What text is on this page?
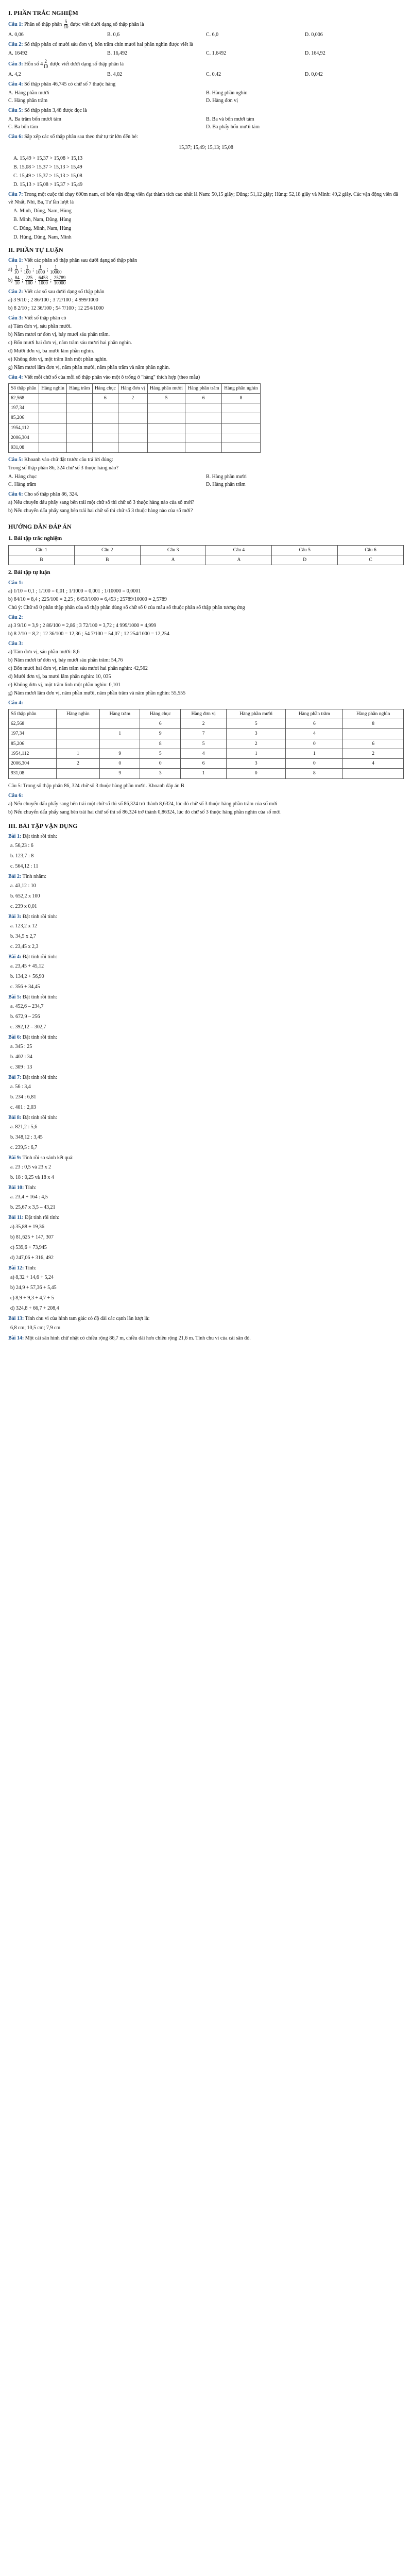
I. PHẦN TRẮC NGHIỆM

Câu 1: Phân số thập phân $\frac{5}{10}$ được viết dưới dạng số thập phân là

A. 0,06	B. 0,6	C. 6,0	D. 0,006

Câu 2: Số thập phân có mười sáu đơn vị, bốn trăm chín mươi hai phần nghìn được viết là

A. 16492	B. 16,492	C. 1,6492	D. 164,92

Câu 3: Hỗn số $4 \frac{2}{10}$ được viết dưới dạng số thập phân là

A. 4,2	B. 4,02	C. 0,42	D. 0,042

Câu 4: Số thập phân 46,745 có chữ số 7 thuộc hàng

A. Hàng phần mười	B. Hàng phần nghìn
C. Hàng phần trăm	D. Hàng đơn vị

Câu 5: Số thập phân 3,48 được đọc là

A. Ba trăm bốn mươi tám	B. Ba và bốn mươi tám
C. Ba bốn tám	D. Ba phẩy bốn mươi tám

Câu 6: Sắp xếp các số thập phân sau theo thứ tự từ lớn đến bé:

15,37; 15,49; 15,13; 15,08

A. 15,49 > 15,37 > 15,08 > 15,13

B. 15,08 > 15,37 > 15,13 > 15,49

C. 15,49 > 15,37 > 15,13 > 15,08

D. 15,13 > 15,08 > 15,37 > 15,49

Câu 7: Trong một cuộc thi chạy 600m nam, có bốn vận động viên đạt thành tích cao nhất là Nam: 50,15 giây; Dũng: 51,12 giây; Hùng: 52,18 giây và Minh: 49,2 giây. Các vận động viên đã về Nhất, Nhì, Ba, Tư lần lượt là

A. Minh, Dũng, Nam, Hùng

B. Minh, Nam, Dũng, Hùng

C. Dũng, Minh, Nam, Hùng

D. Hùng, Dũng, Nam, Minh

II. PHẦN TỰ LUẬN

Câu 1: Viết các phân số thập phân sau dưới dạng số thập phân

$a) \frac{1}{10}$ ; $\frac{1}{100}$ ; $\frac{1}{1000}$ ; $\frac{1}{10000}$

$b) \frac{84}{10}$ ; $\frac{225}{100}$ ; $\frac{6453}{1000}$ ; $\frac{25789}{10000}$

Câu 2: Viết các số sau dưới dạng số thập phân

a) 3 9/10 ; 2 86/100 ; 3 72/100 ; 4 999/1000

b) 8 2/10 ; 12 36/100 ; 54 7/100 ; 12 254/1000

Câu 3: Viết số thập phân có

a) Tám đơn vị, sáu phần mười.

b) Năm mươi tư đơn vị, bảy mươi sáu phần trăm.

c) Bốn mươi hai đơn vị, năm trăm sáu mươi hai phần nghìn.

d) Mười đơn vị, ba mươi lăm phần nghìn.

e) Không đơn vị, một trăm linh một phần nghìn.

g) Năm mươi lăm đơn vị, năm phần mười, năm phần trăm và năm phần nghìn.

Câu 4: Viết mỗi chữ số của mỗi số thập phân vào một ô trống ở "hàng" thích hợp (theo mẫu)

Số thập phân	Hàng nghìn	Hàng trăm	Hàng chục	Hàng đơn vị	Hàng phần mười	Hàng phần trăm	Hàng phần nghìn
62,568			6	2	5	6	8
197,34							
85,206							
1954,112							
2006,304							
931,08							

Câu 5: Khoanh vào chữ đặt trước câu trả lời đúng:

Trong số thập phân 86, 324 chữ số 3 thuộc hàng nào?

A. Hàng chục	B. Hàng phần mười
C. Hàng trăm	D. Hàng phần trăm

Câu 6: Cho số thập phân 86, 324.

a) Nếu chuyển dấu phẩy sang bên trái một chữ số thì chữ số 3 thuộc hàng nào của số mới?

b) Nếu chuyển dấu phẩy sang bên trái hai chữ số thì chữ số 3 thuộc hàng nào của số mới?

HƯỚNG DẪN ĐÁP ÁN
1. Bài tập trắc nghiệm
Câu 1	Câu 2	Câu 3	Câu 4	Câu 5	Câu 6
B	B	A	A	D	C
2. Bài tập tự luận

Câu 1:

a) 1/10 = 0,1 ; 1/100 = 0,01 ; 1/1000 = 0,001 ; 1/10000 = 0,0001

b) 84/10 = 8,4 ; 225/100 = 2,25 ; 6453/1000 = 6,453 ; 25789/10000 = 2,5789

Chú ý: Chữ số 0 phần thập phân của số thập phân dùng số chữ số 0 của mẫu số thuộc phân số thập phân tương ứng

Câu 2:

a) 3 9/10 = 3,9 ; 2 86/100 = 2,86 ; 3 72/100 = 3,72 ; 4 999/1000 = 4,999

b) 8 2/10 = 8,2 ; 12 36/100 = 12,36 ; 54 7/100 = 54,07 ; 12 254/1000 = 12,254

Câu 3:

a) Tám đơn vị, sáu phần mười: 8,6

b) Năm mươi tư đơn vị, bảy mươi sáu phần trăm: 54,76

c) Bốn mươi hai đơn vị, năm trăm sáu mươi hai phần nghìn: 42,562

d) Mười đơn vị, ba mươi lăm phần nghìn: 10, 035

e) Không đơn vị, một trăm linh một phần nghìn: 0,101

g) Năm mươi lăm đơn vị, năm phần mười, năm phần trăm và năm phần nghìn: 55,555

Câu 4:

Số thập phân	Hàng nghìn	Hàng trăm	Hàng chục	Hàng đơn vị	Hàng phần mười	Hàng phần trăm	Hàng phần nghìn
62,568			6	2	5	6	8
197,34		1	9	7	3	4	
85,206			8	5	2	0	6
1954,112	1	9	5	4	1	1	2
2006,304	2	0	0	6	3	0	4
931,08		9	3	1	0	8	

Câu 5: Trong số thập phân 86, 324 chữ số 3 thuộc hàng phần mười. Khoanh đáp án B

Câu 6:

a) Nếu chuyển dấu phẩy sang bên trái một chữ số thì số 86,324 trở thành 8,6324, lúc đó chữ số 3 thuộc hàng phần trăm của số mới

b) Nếu chuyển dấu phẩy sang bên trái hai chữ số thì số 86,324 trở thành 0,86324, lúc đó chữ số 3 thuộc hàng phần nghìn của số mới

III. BÀI TẬP VẬN DỤNG

Bài 1: Đặt tính rồi tính:

a. 56,23 : 6

b. 123,7 : 8

c. 564,12 : 11

Bài 2: Tính nhẩm:

a. 43,12 : 10

b. 652,2 x 100

c. 239 x 0,01

Bài 3: Đặt tính rồi tính:

a. 123,2 x 12

b. 34,5 x 2,7

c. 23,45 x 2,3

Bài 4: Đặt tính rồi tính:

a. 23,45 + 45,12

b. 134,2 + 56,90

c. 356 + 34,45

Bài 5: Đặt tính rồi tính:

a. 452,6 – 234,7

b. 672,9 – 256

c. 392,12 – 302,7

Bài 6: Đặt tính rồi tính:

a. 345 : 25

b. 402 : 34

c. 309 : 13

Bài 7: Đặt tính rồi tính:

a. 56 : 3,4

b. 234 : 6,81

c. 401 : 2,03

Bài 8: Đặt tính rồi tính:

a. 821,2 : 5,6

b. 348,12 : 3,45

c. 239,5 : 6,7

Bài 9: Tính rồi so sánh kết quả:

a. 23 : 0,5 và 23 x 2

b. 18 : 0,25 và 18 x 4

Bài 10: Tính:

a. 23,4 + 164 : 4,5

b. 25,67 x 3,5 – 43,21

Bài 11: Đặt tính rồi tính:

a) 35,88 + 19,36

b) 81,625 + 147, 307

c) 539,6 + 73,945

d) 247,06 + 316, 492

Bài 12: Tính:

a) 8,32 + 14,6 + 5,24

b) 24,9 + 57,36 + 5,45

c) 8,9 + 9,3 + 4,7 + 5

d) 324,8 + 66,7 + 208,4

Bài 13: Tính chu vi của hình tam giác có độ dài các cạnh lần lượt là:

6,8 cm; 10,5 cm; 7,9 cm

Bài 14: Một cái sân hình chữ nhật có chiều rộng 86,7 m, chiều dài hơn chiều rộng 21,6 m. Tính chu vi của cái sân đó.
